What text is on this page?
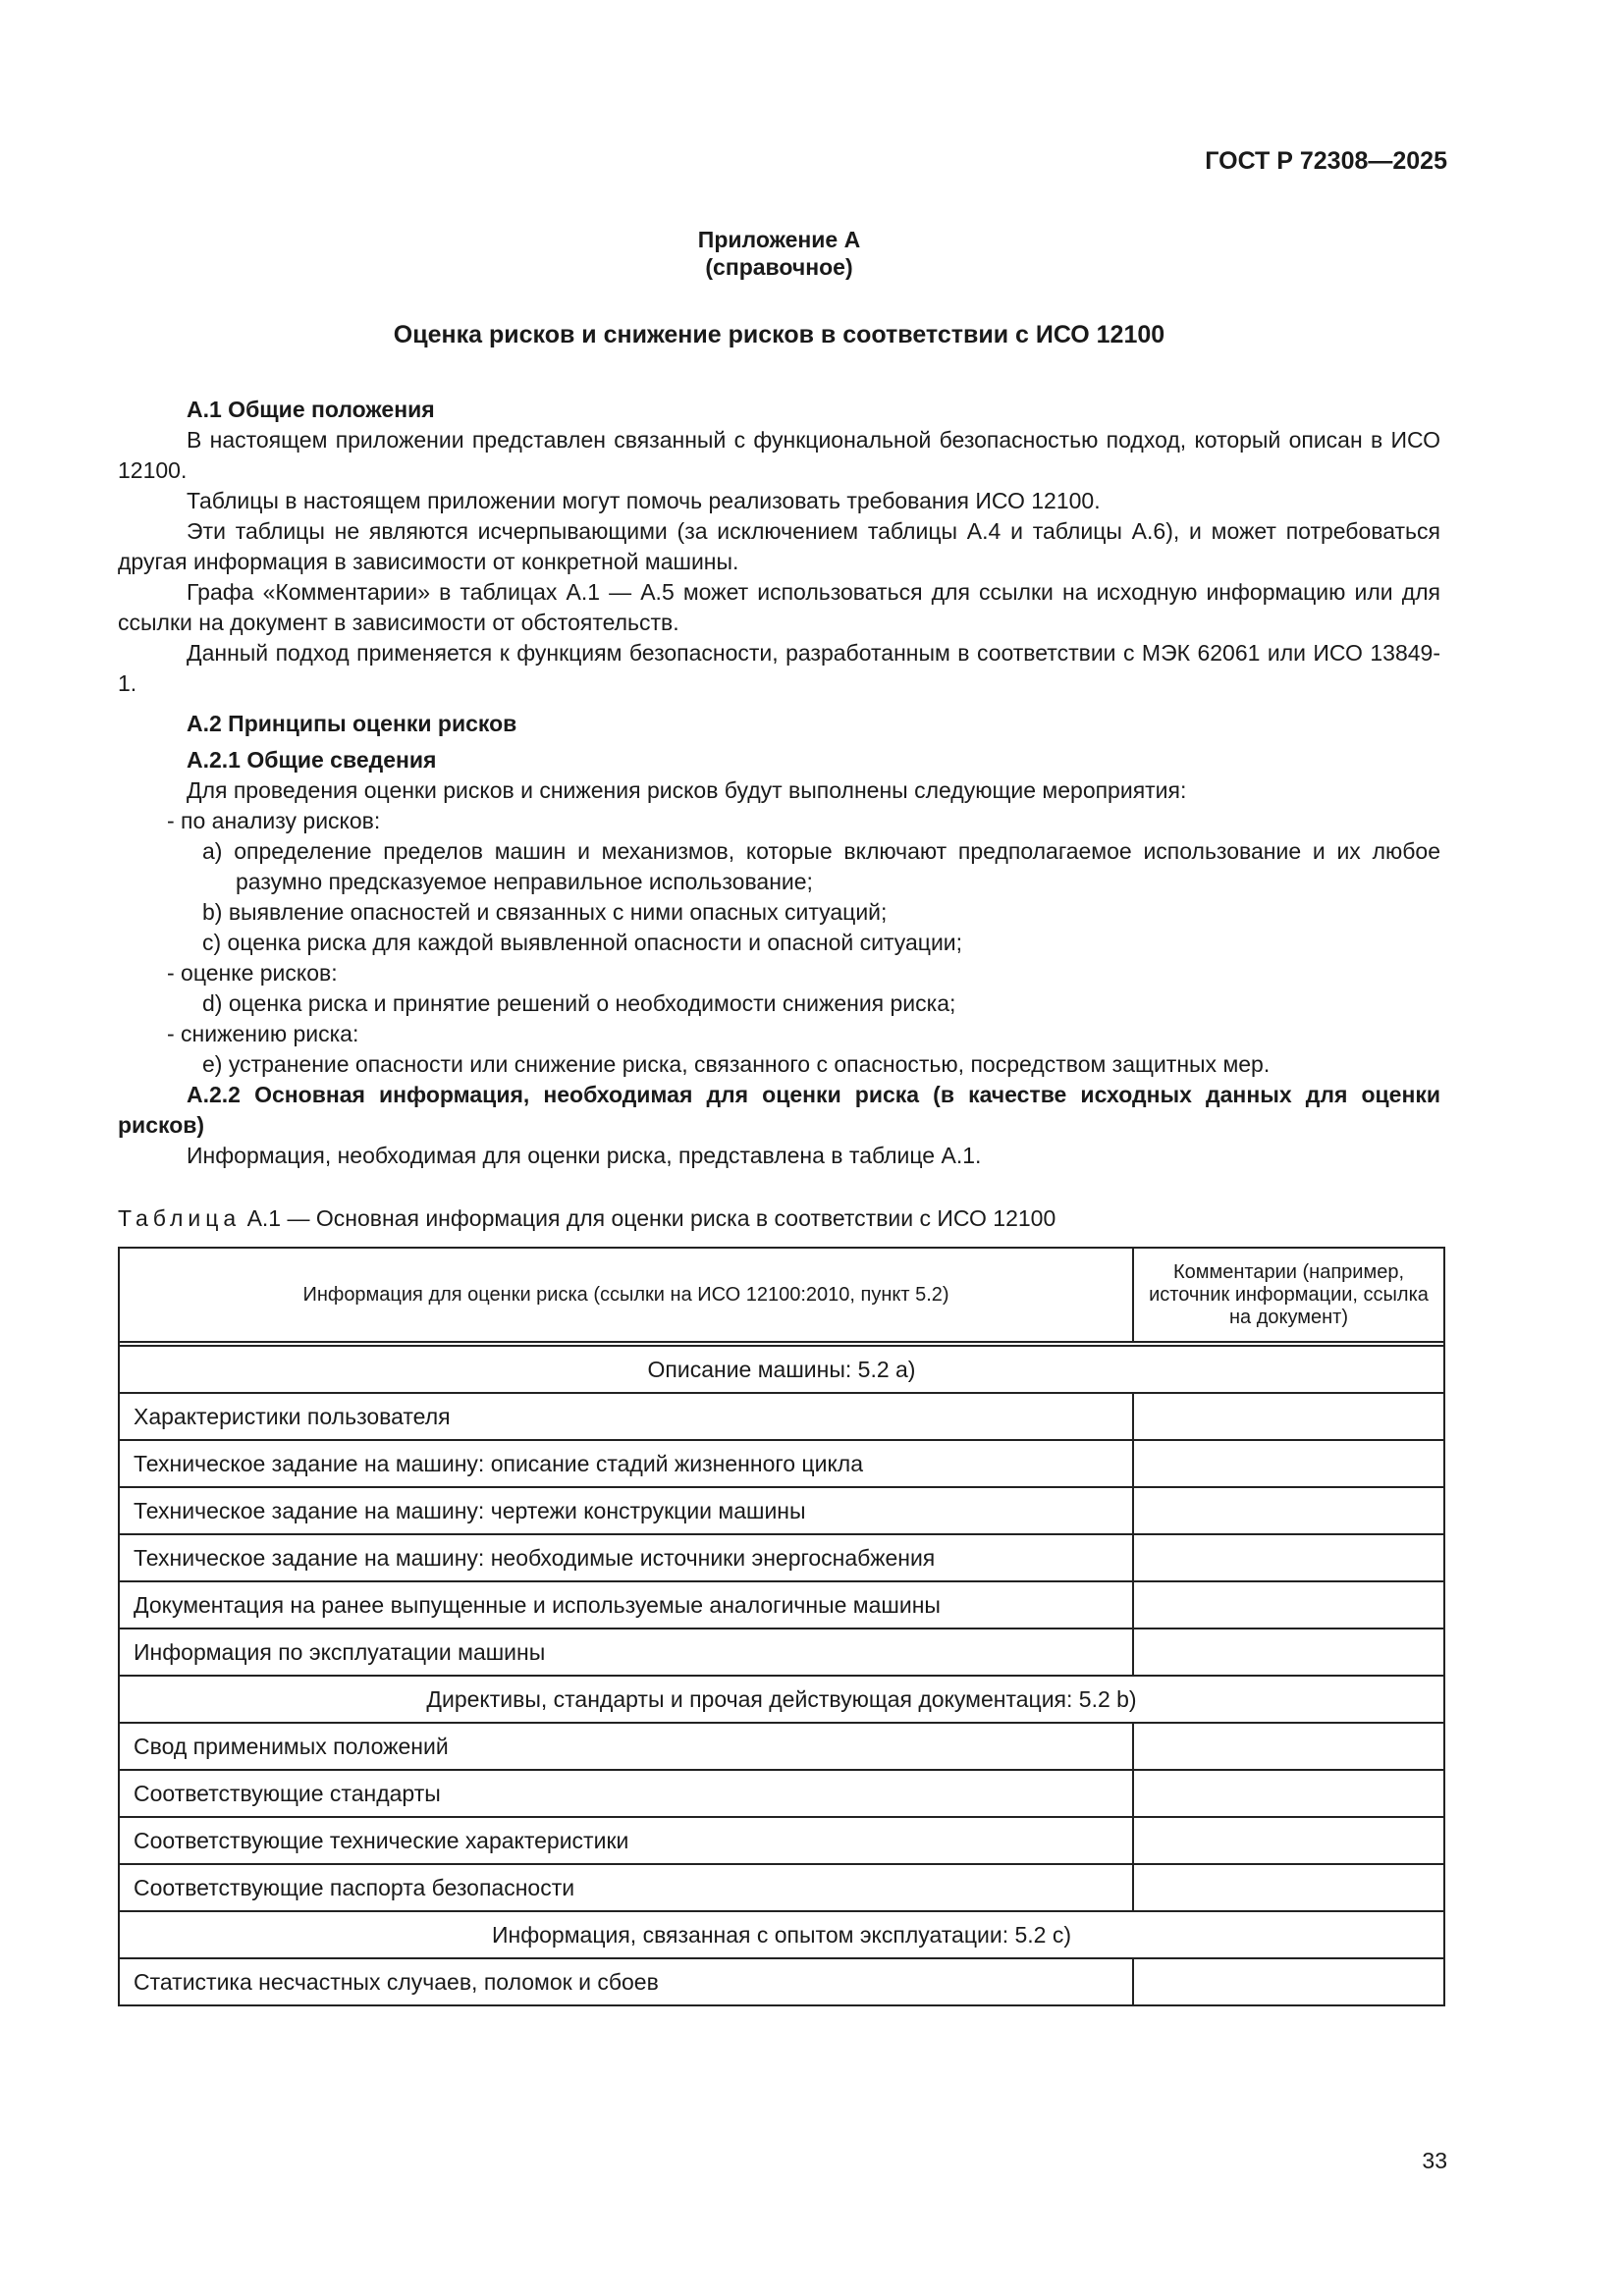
ГОСТ Р 72308—2025
Приложение А
(справочное)
Оценка рисков и снижение рисков в соответствии с ИСО 12100

А.1 Общие положения

В настоящем приложении представлен связанный с функциональной безопасностью подход, который описан в ИСО 12100.

Таблицы в настоящем приложении могут помочь реализовать требования ИСО 12100.

Эти таблицы не являются исчерпывающими (за исключением таблицы А.4 и таблицы А.6), и может потребоваться другая информация в зависимости от конкретной машины.

Графа «Комментарии» в таблицах А.1 — А.5 может использоваться для ссылки на исходную информацию или для ссылки на документ в зависимости от обстоятельств.

Данный подход применяется к функциям безопасности, разработанным в соответствии с МЭК 62061 или ИСО 13849-1.

А.2 Принципы оценки рисков

А.2.1 Общие сведения

Для проведения оценки рисков и снижения рисков будут выполнены следующие мероприятия:

- по анализу рисков:

а) определение пределов машин и механизмов, которые включают предполагаемое использование и их любое разумно предсказуемое неправильное использование;

b) выявление опасностей и связанных с ними опасных ситуаций;

c) оценка риска для каждой выявленной опасности и опасной ситуации;

- оценке рисков:

d) оценка риска и принятие решений о необходимости снижения риска;

- снижению риска:

е) устранение опасности или снижение риска, связанного с опасностью, посредством защитных мер.

А.2.2 Основная информация, необходимая для оценки риска (в качестве исходных данных для оценки рисков)

Информация, необходимая для оценки риска, представлена в таблице А.1.

Таблица А.1 — Основная информация для оценки риска в соответствии с ИСО 12100
Информация для оценки риска (ссылки на ИСО 12100:2010, пункт 5.2)	Комментарии (например, источник информации, ссылка на документ)

Описание машины: 5.2 а)	
Характеристики пользователя	
Техническое задание на машину: описание стадий жизненного цикла	
Техническое задание на машину: чертежи конструкции машины	
Техническое задание на машину: необходимые источники энергоснабжения	
Документация на ранее выпущенные и используемые аналогичные машины	
Информация по эксплуатации машины	
Директивы, стандарты и прочая действующая документация: 5.2 b)	
Свод применимых положений	
Соответствующие стандарты	
Соответствующие технические характеристики	
Соответствующие паспорта безопасности	
Информация, связанная с опытом эксплуатации: 5.2 с)	
Статистика несчастных случаев, поломок и сбоев	
33
